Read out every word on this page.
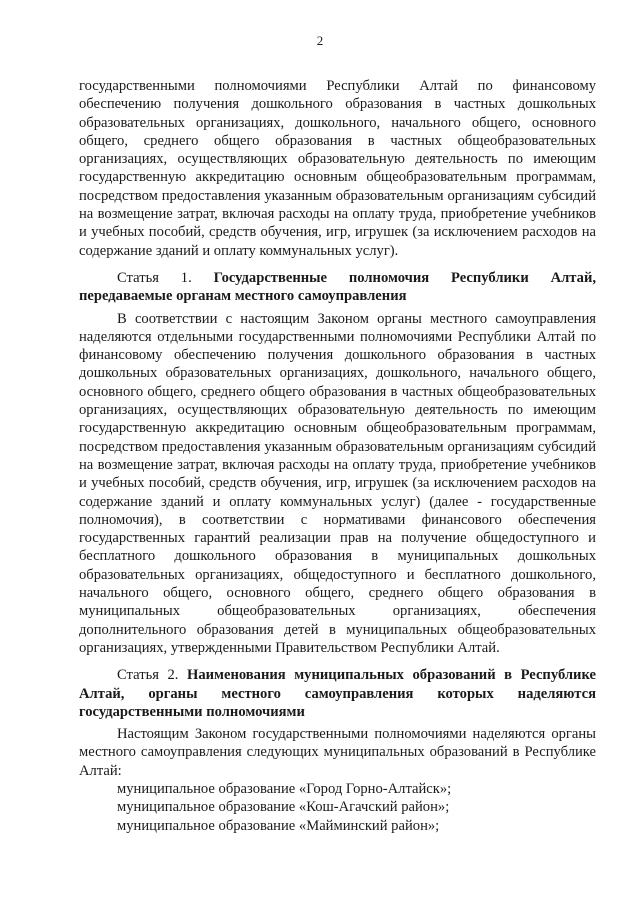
2

государственными полномочиями Республики Алтай по финансовому обеспечению получения дошкольного образования в частных дошкольных образовательных организациях, дошкольного, начального общего, основного общего, среднего общего образования в частных общеобразовательных организациях, осуществляющих образовательную деятельность по имеющим государственную аккредитацию основным общеобразовательным программам, посредством предоставления указанным образовательным организациям субсидий на возмещение затрат, включая расходы на оплату труда, приобретение учебников и учебных пособий, средств обучения, игр, игрушек (за исключением расходов на содержание зданий и оплату коммунальных услуг).

Статья 1. Государственные полномочия Республики Алтай, передаваемые органам местного самоуправления

В соответствии с настоящим Законом органы местного самоуправления наделяются отдельными государственными полномочиями Республики Алтай по финансовому обеспечению получения дошкольного образования в частных дошкольных образовательных организациях, дошкольного, начального общего, основного общего, среднего общего образования в частных общеобразовательных организациях, осуществляющих образовательную деятельность по имеющим государственную аккредитацию основным общеобразовательным программам, посредством предоставления указанным образовательным организациям субсидий на возмещение затрат, включая расходы на оплату труда, приобретение учебников и учебных пособий, средств обучения, игр, игрушек (за исключением расходов на содержание зданий и оплату коммунальных услуг) (далее - государственные полномочия), в соответствии с нормативами финансового обеспечения государственных гарантий реализации прав на получение общедоступного и бесплатного дошкольного образования в муниципальных дошкольных образовательных организациях, общедоступного и бесплатного дошкольного, начального общего, основного общего, среднего общего образования в муниципальных общеобразовательных организациях, обеспечения дополнительного образования детей в муниципальных общеобразовательных организациях, утвержденными Правительством Республики Алтай.

Статья 2. Наименования муниципальных образований в Республике Алтай, органы местного самоуправления которых наделяются государственными полномочиями

Настоящим Законом государственными полномочиями наделяются органы местного самоуправления следующих муниципальных образований в Республике Алтай:

муниципальное образование «Город Горно-Алтайск»;

муниципальное образование «Кош-Агачский район»;

муниципальное образование «Майминский район»;
